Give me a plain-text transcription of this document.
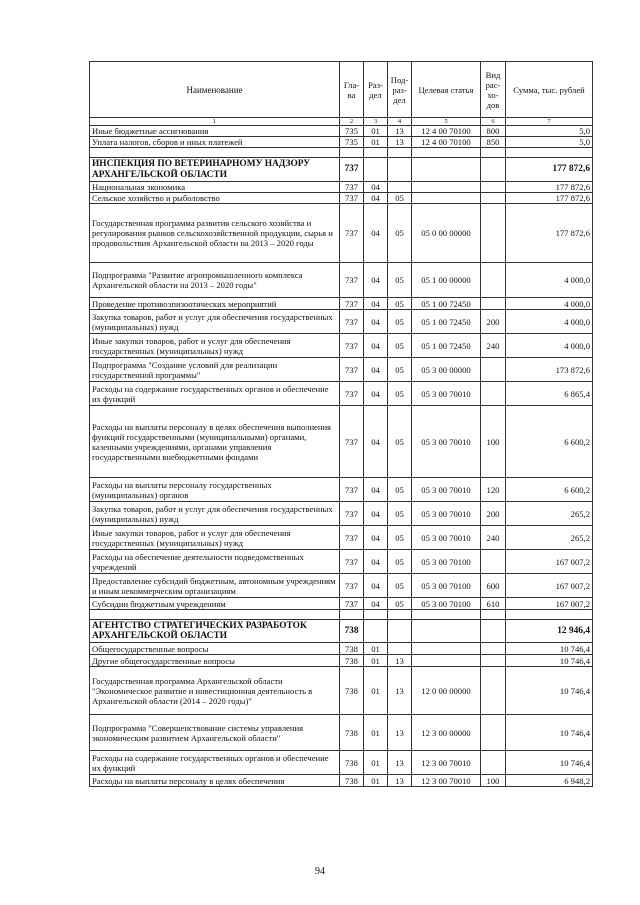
Наименование	Гла-ва	Раз-дел	Под-раз-дел	Целевая статья	Вид рас-хо-дов	Сумма, тыс. рублей
1	2	3	4	5	6	7
Иные бюджетные ассигнования	735	01	13	12 4 00 70100	800	5,0
Уплата налогов, сборов и иных платежей	735	01	13	12 4 00 70100	850	5,0

ИНСПЕКЦИЯ ПО ВЕТЕРИНАРНОМУ НАДЗОРУ АРХАНГЕЛЬСКОЙ ОБЛАСТИ	737					177 872,6
Национальная экономика	737	04				177 872,6
Сельское хозяйство и рыболовство	737	04	05			177 872,6
Государственная программа развития сельского хозяйства и регулирования рынков сельскохозяйственной продукции, сырья и продовольствия Архангельской области на 2013 – 2020 годы	737	04	05	05 0 00 00000		177 872,6
Подпрограмма "Развитие агропромышленного комплекса Архангельской области на 2013 – 2020 годы"	737	04	05	05 1 00 00000		4 000,0
Проведение противоэпизоотических мероприятий	737	04	05	05 1 00 72450		4 000,0
Закупка товаров, работ и услуг для обеспечения государственных (муниципальных) нужд	737	04	05	05 1 00 72450	200	4 000,0
Иные закупки товаров, работ и услуг для обеспечения государственных (муниципальных) нужд	737	04	05	05 1 00 72450	240	4 000,0
Подпрограмма "Создание условий для реализации государственной программы"	737	04	05	05 3 00 00000		173 872,6
Расходы на содержание государственных органов и обеспечение их функций	737	04	05	05 3 00 70010		6 865,4
Расходы на выплаты персоналу в целях обеспечения выполнения функций государственными (муниципальными) органами, казенными учреждениями, органами управления государственными внебюджетными фондами	737	04	05	05 3 00 70010	100	6 600,2
Расходы на выплаты персоналу государственных (муниципальных) органов	737	04	05	05 3 00 70010	120	6 600,2
Закупка товаров, работ и услуг для обеспечения государственных (муниципальных) нужд	737	04	05	05 3 00 70010	200	265,2
Иные закупки товаров, работ и услуг для обеспечения государственных (муниципальных) нужд	737	04	05	05 3 00 70010	240	265,2
Расходы на обеспечение деятельности подведомственных учреждений	737	04	05	05 3 00 70100		167 007,2
Предоставление субсидий бюджетным, автономным учреждениям и иным некоммерческим организациям	737	04	05	05 3 00 70100	600	167 007,2
Субсидии бюджетным учреждениям	737	04	05	05 3 00 70100	610	167 007,2

АГЕНТСТВО СТРАТЕГИЧЕСКИХ РАЗРАБОТОК АРХАНГЕЛЬСКОЙ ОБЛАСТИ	738					12 946,4
Общегосударственные вопросы	738	01				10 746,4
Другие общегосударственные вопросы	738	01	13			10 746,4
Государственная программа Архангельской области "Экономическое развитие и инвестиционная деятельность в Архангельской области (2014 – 2020 годы)"	738	01	13	12 0 00 00000		10 746,4
Подпрограмма "Совершенствование системы управления экономическим развитием Архангельской области"	738	01	13	12 3 00 00000		10 746,4
Расходы на содержание государственных органов и обеспечение их функций	738	01	13	12 3 00 70010		10 746,4
Расходы на выплаты персоналу в целях обеспечения	738	01	13	12 3 00 70010	100	6 948,2
94
